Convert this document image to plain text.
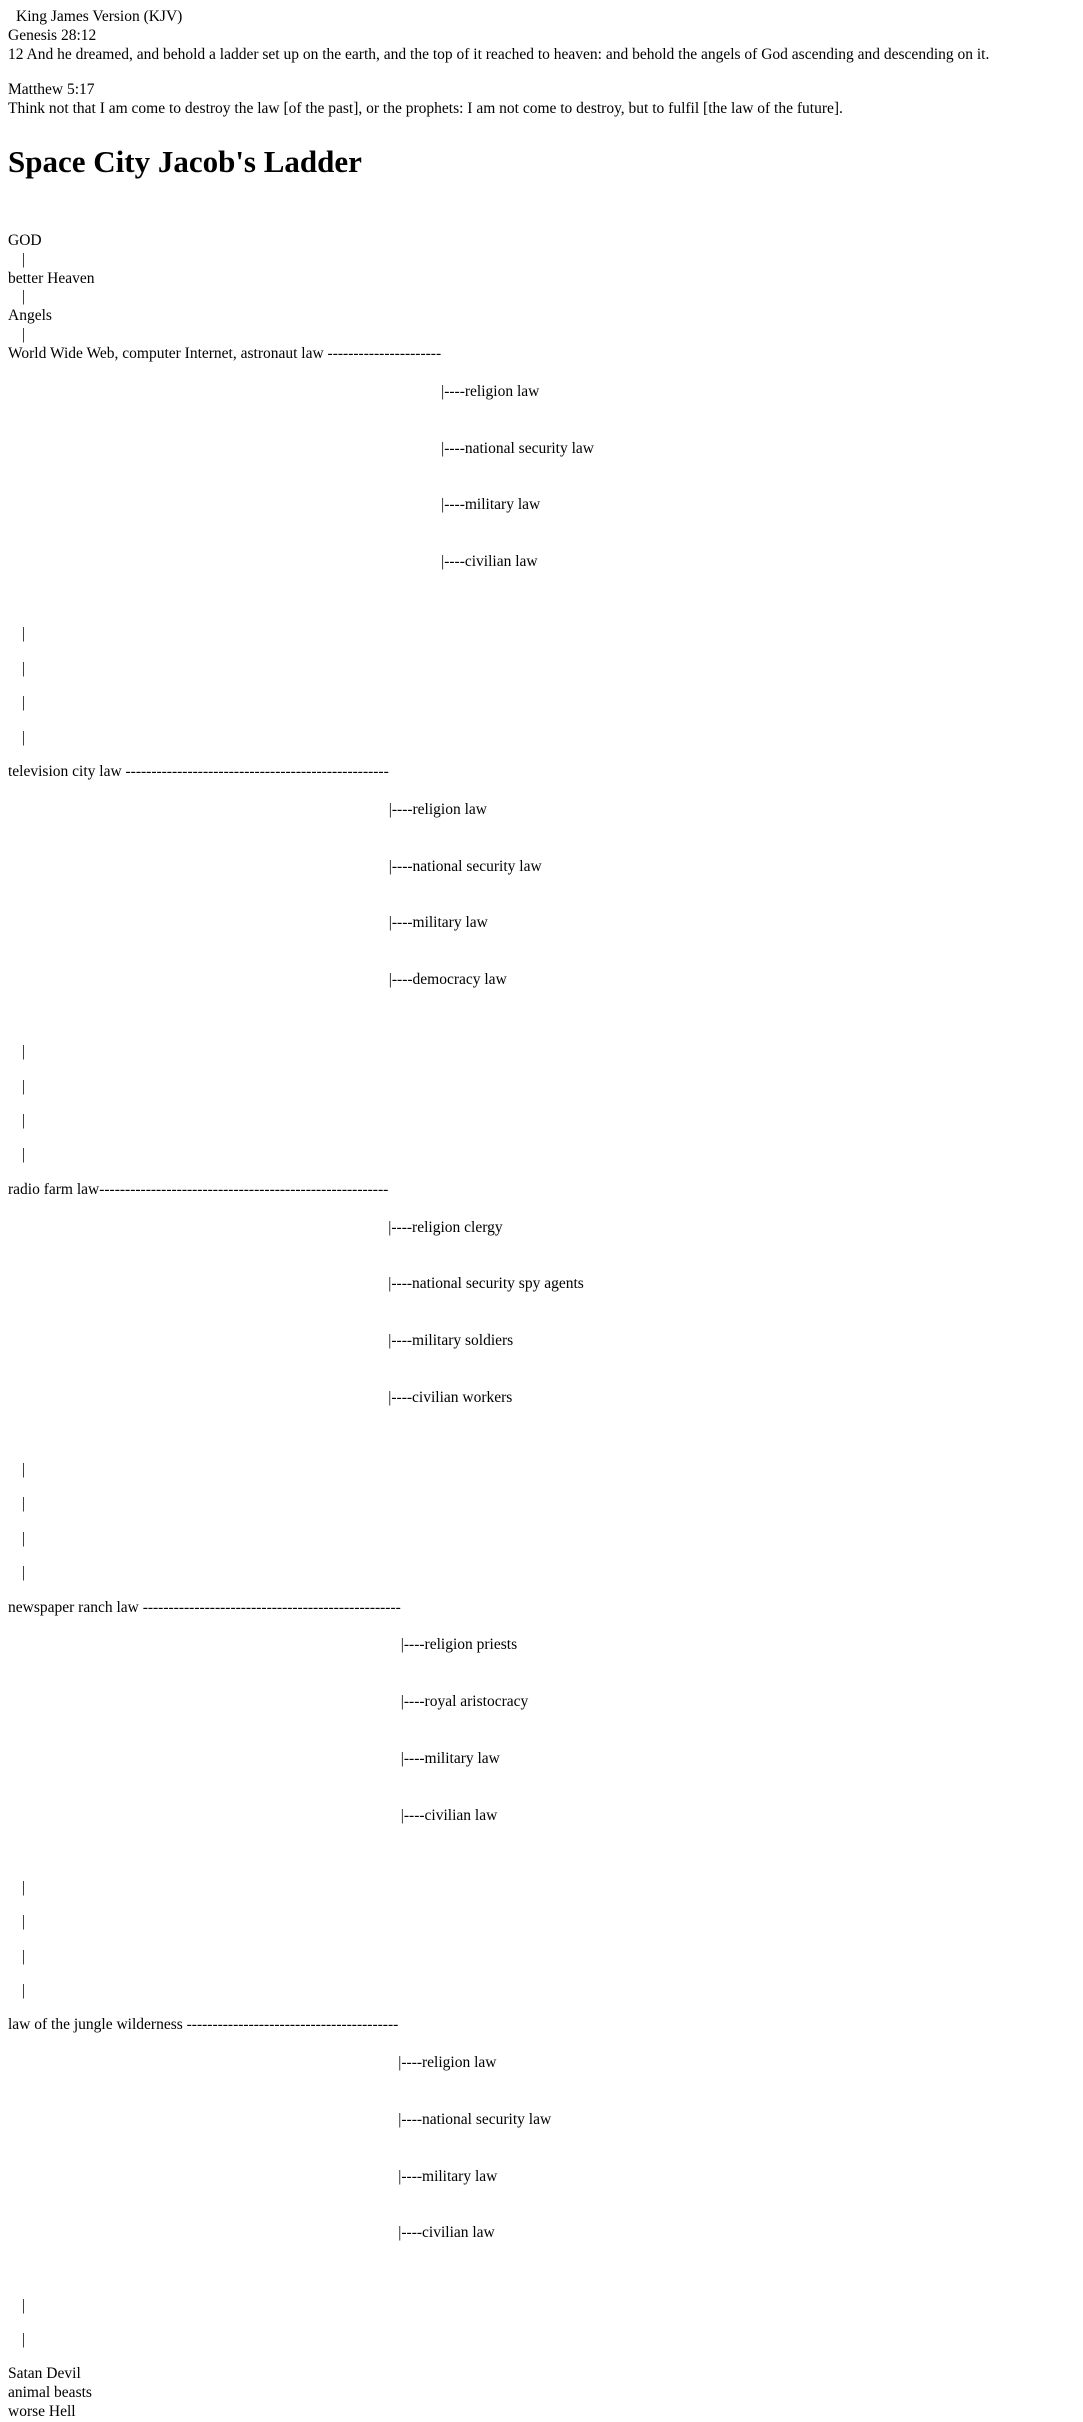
King James Version (KJV)

Genesis 28:12

12 And he dreamed, and behold a ladder set up on the earth, and the top of it reached to heaven: and behold the angels of God ascending and descending on it.

Matthew 5:17

Think not that I am come to destroy the law [of the past], or the prophets: I am not come to destroy, but to fulfil [the law of the future].

Space City Jacob's Ladder

GOD

|

better Heaven

|

Angels

|

World Wide Web, computer Internet, astronaut law ----------------------

|----religion law

|----national security law

|----military law

|----civilian law

|

|

|

|

television city law ---------------------------------------------------

|----religion law

|----national security law

|----military law

|----democracy law

|

|

|

|

radio farm law--------------------------------------------------------

|----religion clergy

|----national security spy agents

|----military soldiers

|----civilian workers

|

|

|

|

newspaper ranch law --------------------------------------------------

|----religion priests

|----royal aristocracy

|----military law

|----civilian law

|

|

|

|

law of the jungle wilderness -----------------------------------------

|----religion law

|----national security law

|----military law

|----civilian law

|

|

Satan Devil

animal beasts

worse Hell
